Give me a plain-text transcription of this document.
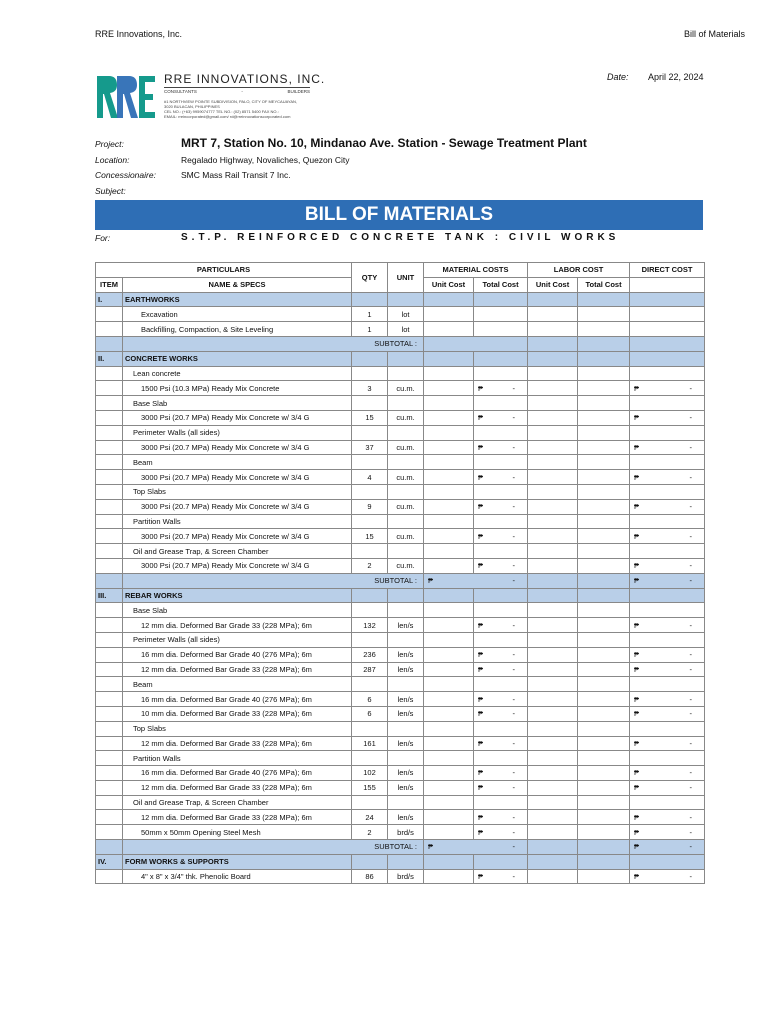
RRE Innovations, Inc.	Bill of Materials
RRE INNOVATIONS, INC.
CONSULTANTS	-	BUILDERS
#1 NORTHVIEW POINTE SUBDIVISION, PALO, CITY OF MEYCAUAYAN,
3020 BULACAN, PHILIPPINES
CEL NO.: (+63) 9959074777 TEL NO.: (02) 8571 5400 FAX NO.:
EMAIL: rreincorporated@gmail.com/ rd@rreinnovationscorporated.com
Date: April 22, 2024
Project:	MRT 7, Station No. 10, Mindanao Ave. Station - Sewage Treatment Plant
Location:	Regalado Highway, Novaliches, Quezon City
Concessionaire:	SMC Mass Rail Transit 7 Inc.
Subject:
BILL OF MATERIALS
For:	S.T.P. REINFORCED CONCRETE TANK : CIVIL WORKS
PARTICULARS		QTY	UNIT	MATERIAL COSTS		LABOR COST		DIRECT COST
ITEM	NAME & SPECS			Unit Cost	Total Cost	Unit Cost	Total Cost	
I.	EARTHWORKS							
	Excavation	1	lot					
	Backfilling, Compaction, & Site Leveling	1	lot					
	SUBTOTAL :							
II.	CONCRETE WORKS							
	Lean concrete							
	1500 Psi (10.3 MPa) Ready Mix Concrete	3	cu.m.		₱ -			₱ -

	Base Slab							
	3000 Psi (20.7 MPa) Ready Mix Concrete w/ 3/4 G	15	cu.m.		₱ -			₱ -

	Perimeter Walls (all sides)							
	3000 Psi (20.7 MPa) Ready Mix Concrete w/ 3/4 G	37	cu.m.		₱ -			₱ -

	Beam							
	3000 Psi (20.7 MPa) Ready Mix Concrete w/ 3/4 G	4	cu.m.		₱ -			₱ -

	Top Slabs							
	3000 Psi (20.7 MPa) Ready Mix Concrete w/ 3/4 G	9	cu.m.		₱ -			₱ -

	Partition Walls							
	3000 Psi (20.7 MPa) Ready Mix Concrete w/ 3/4 G	15	cu.m.		₱ -			₱ -

	Oil and Grease Trap, & Screen Chamber							
	3000 Psi (20.7 MPa) Ready Mix Concrete w/ 3/4 G	2	cu.m.		₱ -			₱ -

	SUBTOTAL :			₱ -				₱ -

III.	REBAR WORKS							
	Base Slab							
	12 mm dia. Deformed Bar Grade 33 (228 MPa); 6m	132	len/s		₱ -			₱ -

	Perimeter Walls (all sides)							
	16 mm dia. Deformed Bar Grade 40 (276 MPa); 6m	236	len/s		₱ -			₱ -

	12 mm dia. Deformed Bar Grade 33 (228 MPa); 6m	287	len/s		₱ -			₱ -

	Beam							
	16 mm dia. Deformed Bar Grade 40 (276 MPa); 6m	6	len/s		₱ -			₱ -

	10 mm dia. Deformed Bar Grade 33 (228 MPa); 6m	6	len/s		₱ -			₱ -

	Top Slabs							
	12 mm dia. Deformed Bar Grade 33 (228 MPa); 6m	161	len/s		₱ -			₱ -

	Partition Walls							
	16 mm dia. Deformed Bar Grade 40 (276 MPa); 6m	102	len/s		₱ -			₱ -

	12 mm dia. Deformed Bar Grade 33 (228 MPa); 6m	155	len/s		₱ -			₱ -

	Oil and Grease Trap, & Screen Chamber							
	12 mm dia. Deformed Bar Grade 33 (228 MPa); 6m	24	len/s		₱ -			₱ -

	50mm x 50mm Opening Steel Mesh	2	brd/s		₱ -			₱ -

	SUBTOTAL :			₱ -				₱ -

IV.	FORM WORKS & SUPPORTS							
	4" x 8" x 3/4" thk. Phenolic Board	86	brd/s		₱ -			₱ -
